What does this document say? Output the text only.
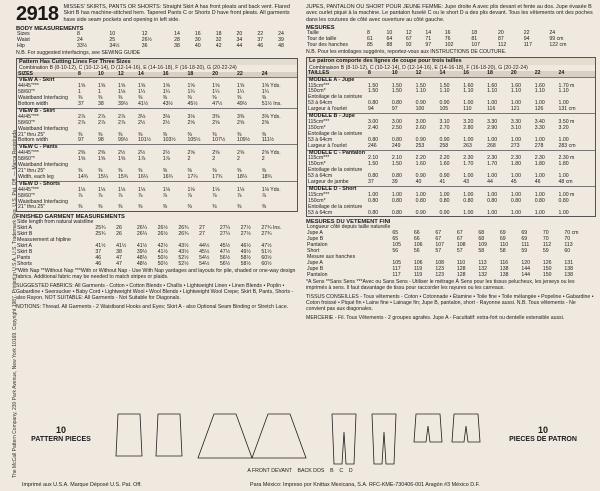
The McCall Pattern Company, 230 Park Avenue, New York 10169. Copyright 1987. Printed in U.S.A. U.S. Trademark Reg. U.S. Pat. Off. — Marca Registrada
2918 MISSES' SKIRTS, PANTS OR SHORTS: Straight Skirt A has front pleats and back vent. Flared Skirt B has machine-stitched hem. Tapered Pants C or Shorts D have front pleats. All garments have side seam pockets and opening in left side.
BODY MEASUREMENTS
Sizes	8	10	12	14	16	18	20	22	24
Waist	24	25	26½	28	30	32	34	37	39
Hip	33½	34½	36	38	40	42	44	46	48
N.B. For suggested interfacings, see SEWING GUIDE
Pattern Has Cutting Lines For Three Sizes
Combination B (8-10-12), C (10-12-14), D (12-14-16), E (14-16-18), F (16-18-20), G (20-22-24)
SIZES	8	10	12	14	16	18	20	22	24
VIEW A - Skirt									
44/45"***	1⅝	1⅝	1⅝	1⅝	1⅝	1⅝	1⅝	1⅝	1⅝ Yds.
58/60"*	1	1	1⅛	1¼	1¼	1¼	1¼	1¼	1¼
Waistband Interfacing	⅜	⅜	⅜	⅜	⅜	⅜	⅜	⅜	⅜
Bottom width	37	38	39½	41½	43½	45½	47½	49½	51½ Ins.
VIEW B - Skirt									
44/45"***	2⅞	2⅞	2⅞	3⅛	3⅛	3⅛	3⅜	3⅜	3⅜ Yds.
58/60"*	2⅞	2⅞	2⅞	2½	2½	2⅝	2⅝	2⅝	2⅝
Waistband Interfacing									
21" thru 25"	⅜	⅜	⅜	⅜	⅜	⅜	⅜	⅜	⅜
Bottom width	97	98	99½	101½	103½	105½	107½	109½	111½
VIEW C - Pants									
44/45"***	2⅜	2⅜	2½	2½	2½	2⅝	2⅝	2⅝	2⅝ Yds.
58/60"*	1⅝	1⅝	1⅝	1⅞	1⅞	2	2	2	2
Waistband Interfacing									
21" thru 25"	⅜	⅜	⅜	⅜	⅜	⅜	⅜	⅜	⅜
Width, each leg	14¾	15¼	15¾	16¼	16¾	17¼	17¾	18¼	18¾
VIEW D - Shorts									
44/45"***	1⅛	1⅛	1⅛	1⅛	1⅛	1⅛	1⅛	1⅛	1⅛ Yds.
58/60"*	⅞	⅞	⅞	⅞	⅞	⅞	⅞	⅞	⅞
Waistband Interfacing									
21" thru 25"	⅜	⅜	⅜	⅜	⅜	⅜	⅜	⅜	⅜
FINISHED GARMENT MEASUREMENTS
Side length from natural waistline									
Skirt A	25¾	26	26¼	26½	26¾	27	27¼	27½	27¾ Ins.
Skirt B	25¾	26	26¼	26½	26¾	27	27¼	27½	27¾
Measurement at hipline									
Skirt A	41½	41½	41½	42½	43½	44½	45½	46½	47½
Skirt B	37	38	39½	41½	43½	45½	47½	49½	51½
Pants	46	47	48½	50½	52½	54½	56½	58½	60½
Shorts	46	47	48½	50½	52½	54½	56½	58½	60½
*With Nap **Without Nap ***With or Without Nap - Use With Nap yardages and layouts for pile, shaded or one-way design fabrics. Additional fabric may be needed to match stripes or plaids.
SUGGESTED FABRICS: All Garments - Cotton • Cotton Blends • Challis • Lightweight Linen • Linen Blends • Poplin • Gabardine • Seersucker • Baby Cord • Lightweight Wool • Wool Blends • Lightweight Wool Crepe; Skirt B, Pants, Shorts - also Rayon. NOT SUITABLE: All Garments - Not Suitable for Diagonals.
NOTIONS: Thread. All Garments - 2 Waistband Hooks and Eyes; Skirt A - also Optional Seam Binding or Stretch Lace.
JUPES, PANTALON OU SHORT POUR JEUNE FEMME: Jupe droite A avec plis devant et fente au dos. Jupe évasée B avec ourlet piqué à la machine. Le pantalon fuselé C ou le short D a des plis devant. Tous les vêtements ont des poches dans les coutures de côté avec ouverture au côté gauche.
MESURES
Taille	8	10	12	14	16	18	20	22	24
Tour de taille	61	64	67	71	76	81	87	94	99 cm
Tour des hanches	85	88	92	97	102	107	112	117	122 cm
N.B. Pour les entoilages suggérés, reportez-vous aux INSTRUCTIONS DE COUTURE.
Le patron comporte des lignes de coupe pour trois tailles
Combinaison B (8-10-12), C (10-12-14), D (12-14-16), E (14-16-18), F (16-18-20), G (20-22-24)
TAILLES	8	10	12	14	16	18	20	22	24
MODELE A - Jupe									
115cm***	1.50	1.50	1.50	1.50	1.60	1.60	1.60	1.60	1.70 m
150cm*	1.50	1.50	1.10	1.10	1.10	1.10	1.10	1.10	1.10
Entoilage de la ceinture									
53 à 64cm	0.80	0.80	0.90	0.90	1.00	1.00	1.00	1.00	1.00
Largeur à l'ourlet	94	97	100	105	110	116	121	126	131 cm
MODELE B - Jupe									
115cm***	3.00	3.00	3.00	3.10	3.20	3.30	3.30	3.40	3.50 m
150cm*	2.40	2.50	2.60	2.70	2.80	2.90	3.10	3.30	3.20
Entoilage de la ceinture									
53 à 64cm	0.80	0.80	0.90	0.90	1.00	1.00	1.00	1.00	1.00
Largeur à l'ourlet	246	249	253	258	263	268	273	278	283 cm
MODELE C - Pantalon									
115cm***	2.10	2.10	2.20	2.20	2.30	2.30	2.30	2.30	2.30 m
150cm*	1.50	1.50	1.60	1.60	1.70	1.70	1.80	1.80	1.80
Entoilage de la ceinture									
53 à 64cm	0.80	0.80	0.90	0.90	1.00	1.00	1.00	1.00	1.00
Largeur de jambe	37	39	40	41	43	44	45	46	48 cm
MODELE D - Short									
115cm***	1.00	1.00	1.00	1.00	1.00	1.00	1.00	1.00	1.00 m
150cm*	0.80	0.80	0.80	0.80	0.80	0.80	0.80	0.80	0.80
Entoilage de la ceinture									
53 à 64cm	0.80	0.80	0.90	0.90	1.00	1.00	1.00	1.00	1.00
MESURES DU VETEMENT FINI
Longueur côté depuis taille naturelle									
Jupe A	65	66	67	67	68	69	69	70	70 cm
Jupe B	65	66	67	67	68	69	69	70	70
Pantalon	105	106	107	108	109	110	111	112	113
Short	56	56	57	57	58	58	59	59	60
Mesure aux hanches									
Jupe A	105	106	108	110	113	116	120	126	131
Jupe B	117	119	123	128	132	138	144	150	138
Pantalon	117	119	123	128	132	138	144	150	138
*A Sens **Sans Sens ***Avec ou Sans Sens - Utiliser le métrage À Sens pour les tissus pelucheux, les jerseys ou les imprimés à sens. Il faut davantage de tissu pour raccorder les rayures ou les carreaux.
TISSUS CONSEILLES - Tous vêtements - Coton • Cotonnade • Étamine • Toile fine • Toile mélangée • Popeline • Gabardine • Coton froissé • Piqué fin • Laine fine • Lainage fin; Jupe B, pantalon, short - Rayonne aussi. N.B. Tous vêtements - Ne convient pas aux diagonales.
MERCERIE - Fil. Tous Vêtements - 2 groupes agrafes. Jupe A - Facultatif: extra-fort ou dentelle extensible aussi.
10
PATTERN PIECES
10
PIECES DE PATRON
A FRONT DEVANT BACK DOS B C D
Imprimé aux U.S.A. Marque Déposé U.S. Pat. Off.	Para México: Impreso por Knittax Mexicana, S.A. RFC-KME-730406-001 Aragón #3 México D.F.
